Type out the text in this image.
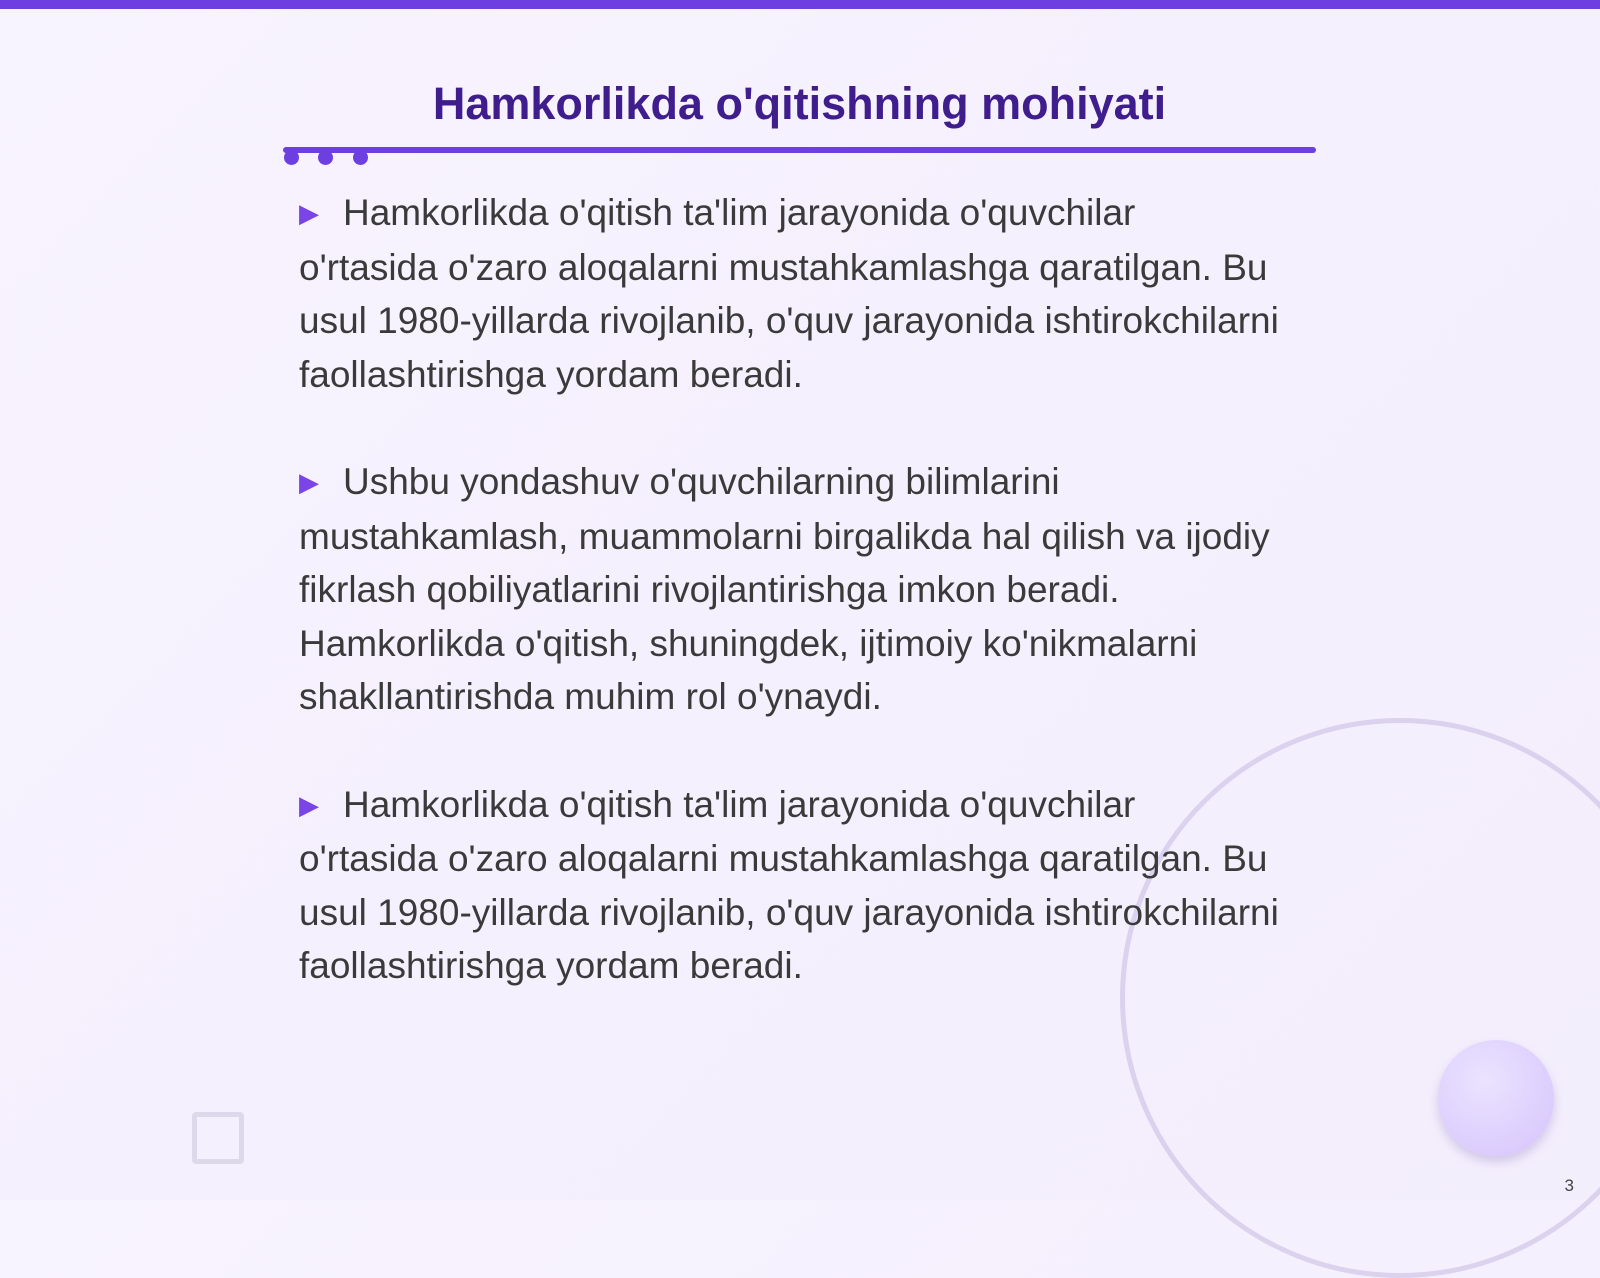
Hamkorlikda o'qitishning mohiyati

▶ Hamkorlikda o'qitish ta'lim jarayonida o'quvchilar o'rtasida o'zaro aloqalarni mustahkamlashga qaratilgan. Bu usul 1980-yillarda rivojlanib, o'quv jarayonida ishtirokchilarni faollashtirishga yordam beradi.

▶ Ushbu yondashuv o'quvchilarning bilimlarini mustahkamlash, muammolarni birgalikda hal qilish va ijodiy fikrlash qobiliyatlarini rivojlantirishga imkon beradi. Hamkorlikda o'qitish, shuningdek, ijtimoiy ko'nikmalarni shakllantirishda muhim rol o'ynaydi.

▶ Hamkorlikda o'qitish ta'lim jarayonida o'quvchilar o'rtasida o'zaro aloqalarni mustahkamlashga qaratilgan. Bu usul 1980-yillarda rivojlanib, o'quv jarayonida ishtirokchilarni faollashtirishga yordam beradi.

3
